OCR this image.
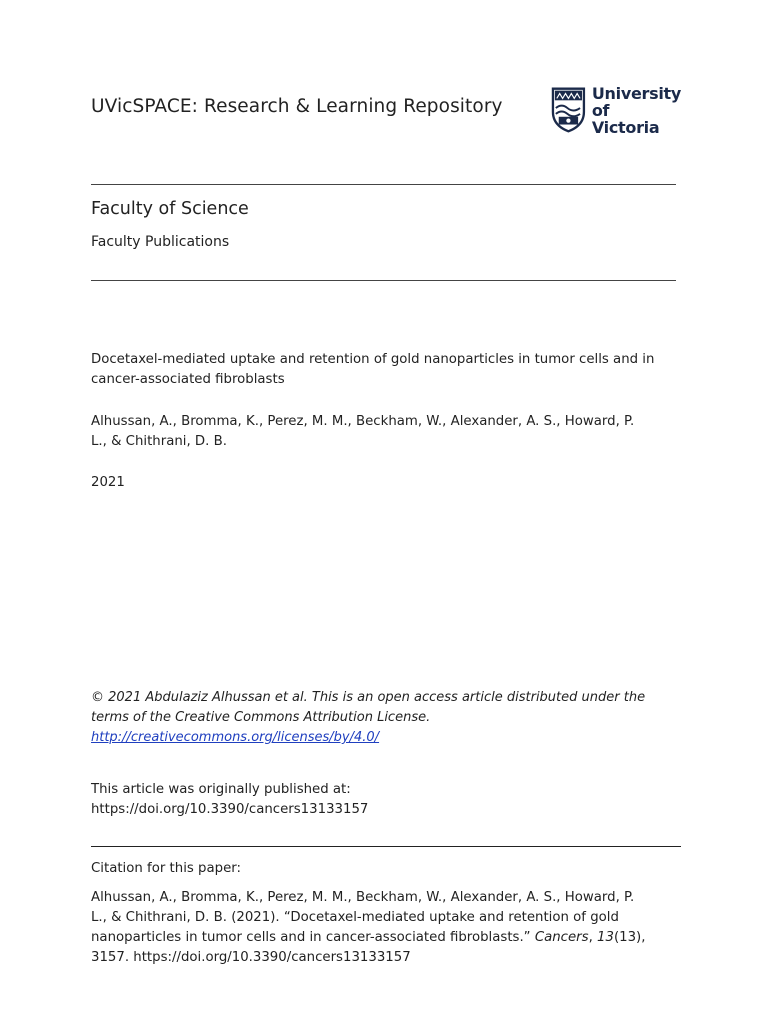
UVicSPACE: Research & Learning Repository
University
of Victoria
Faculty of Science
Faculty Publications
Docetaxel-mediated uptake and retention of gold nanoparticles in tumor cells and in
cancer-associated fibroblasts
Alhussan, A., Bromma, K., Perez, M. M., Beckham, W., Alexander, A. S., Howard, P.
L., & Chithrani, D. B.
2021
© 2021 Abdulaziz Alhussan et al. This is an open access article distributed under the
terms of the Creative Commons Attribution License.
http://creativecommons.org/licenses/by/4.0/
This article was originally published at:
https://doi.org/10.3390/cancers13133157
Citation for this paper:
Alhussan, A., Bromma, K., Perez, M. M., Beckham, W., Alexander, A. S., Howard, P.
L., & Chithrani, D. B. (2021). “Docetaxel-mediated uptake and retention of gold
nanoparticles in tumor cells and in cancer-associated fibroblasts.” Cancers, 13(13),
3157. https://doi.org/10.3390/cancers13133157
